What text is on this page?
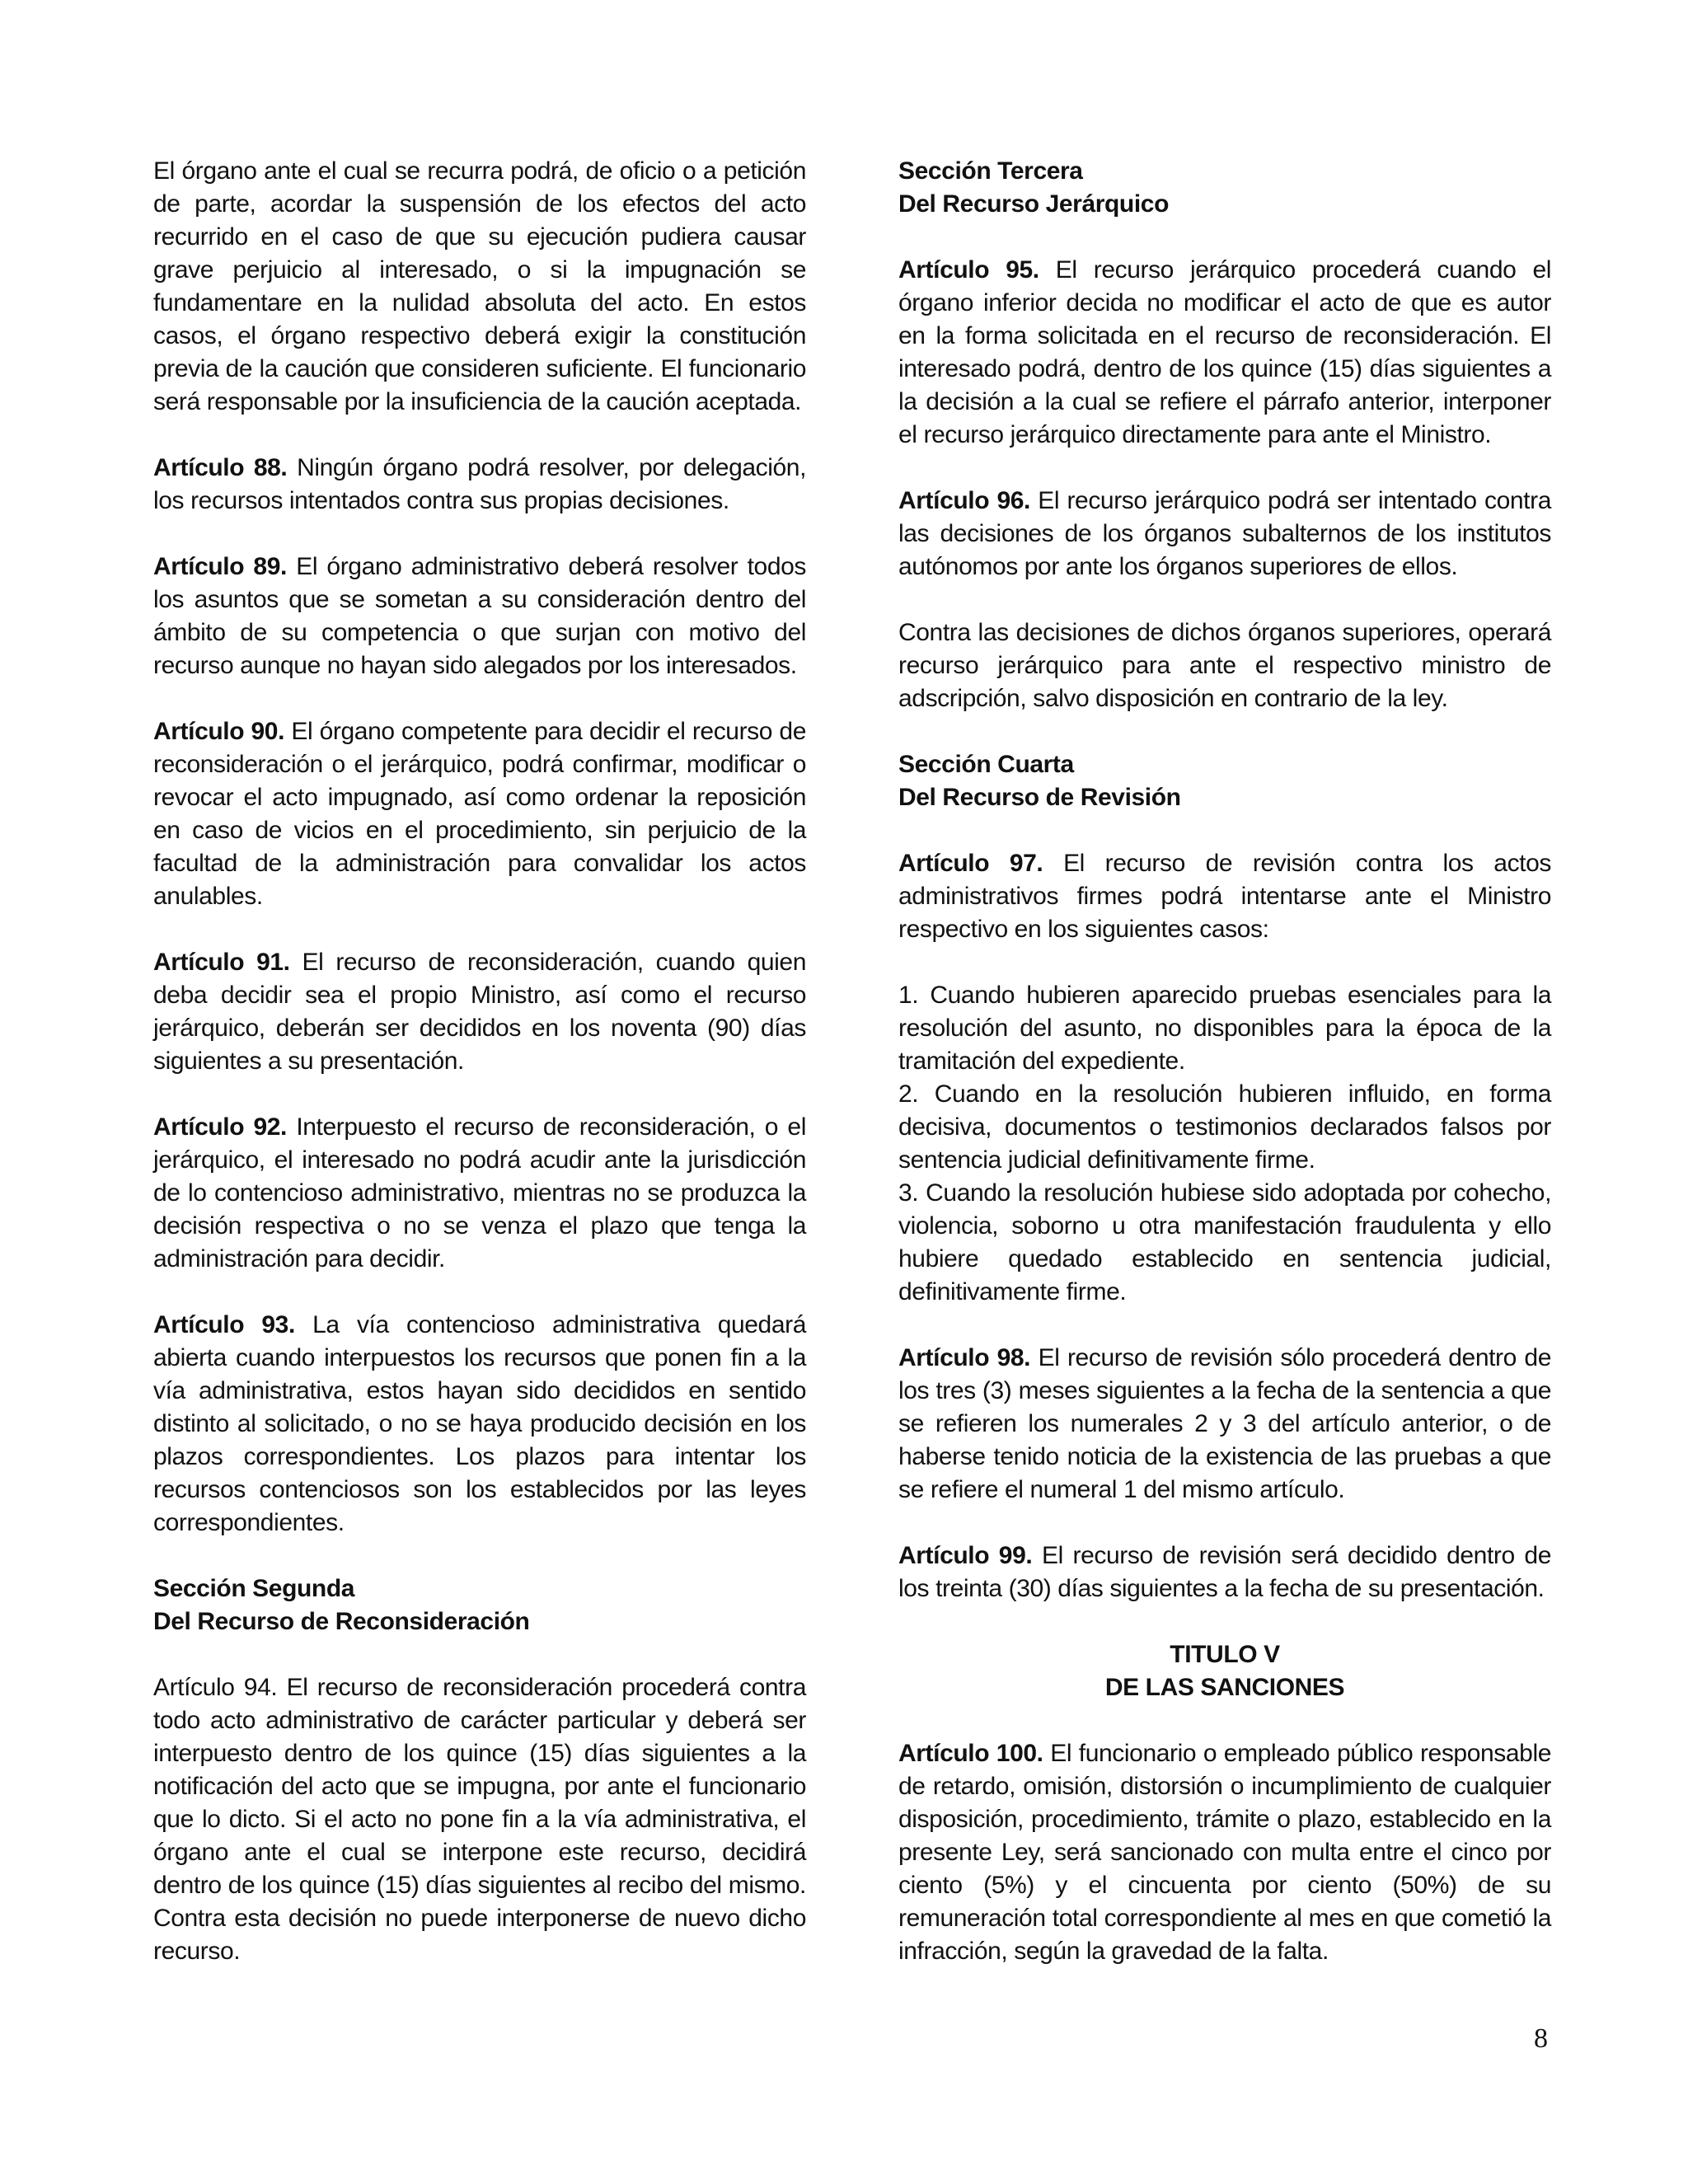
El órgano ante el cual se recurra podrá, de oficio o a petición de parte, acordar la suspensión de los efectos del acto recurrido en el caso de que su ejecución pudiera causar grave perjuicio al interesado, o si la impugnación se fundamentare en la nulidad absoluta del acto. En estos casos, el órgano respectivo deberá exigir la constitución previa de la caución que consideren suficiente. El funcionario será responsable por la insuficiencia de la caución aceptada.

Artículo 88. Ningún órgano podrá resolver, por delegación, los recursos intentados contra sus propias decisiones.

Artículo 89. El órgano administrativo deberá resolver todos los asuntos que se sometan a su consideración dentro del ámbito de su competencia o que surjan con motivo del recurso aunque no hayan sido alegados por los interesados.

Artículo 90. El órgano competente para decidir el recurso de reconsideración o el jerárquico, podrá confirmar, modificar o revocar el acto impugnado, así como ordenar la reposición en caso de vicios en el procedimiento, sin perjuicio de la facultad de la administración para convalidar los actos anulables.

Artículo 91. El recurso de reconsideración, cuando quien deba decidir sea el propio Ministro, así como el recurso jerárquico, deberán ser decididos en los noventa (90) días siguientes a su presentación.

Artículo 92. Interpuesto el recurso de reconsideración, o el jerárquico, el interesado no podrá acudir ante la jurisdicción de lo contencioso administrativo, mientras no se produzca la decisión respectiva o no se venza el plazo que tenga la administración para decidir.

Artículo 93. La vía contencioso administrativa quedará abierta cuando interpuestos los recursos que ponen fin a la vía administrativa, estos hayan sido decididos en sentido distinto al solicitado, o no se haya producido decisión en los plazos correspondientes. Los plazos para intentar los recursos contenciosos son los establecidos por las leyes correspondientes.

Sección Segunda
Del Recurso de Reconsideración

Artículo 94. El recurso de reconsideración procederá contra todo acto administrativo de carácter particular y deberá ser interpuesto dentro de los quince (15) días siguientes a la notificación del acto que se impugna, por ante el funcionario que lo dicto. Si el acto no pone fin a la vía administrativa, el órgano ante el cual se interpone este recurso, decidirá dentro de los quince (15) días siguientes al recibo del mismo. Contra esta decisión no puede interponerse de nuevo dicho recurso.

Sección Tercera
Del Recurso Jerárquico

Artículo 95. El recurso jerárquico procederá cuando el órgano inferior decida no modificar el acto de que es autor en la forma solicitada en el recurso de reconsideración. El interesado podrá, dentro de los quince (15) días siguientes a la decisión a la cual se refiere el párrafo anterior, interponer el recurso jerárquico directamente para ante el Ministro.

Artículo 96. El recurso jerárquico podrá ser intentado contra las decisiones de los órganos subalternos de los institutos autónomos por ante los órganos superiores de ellos.

Contra las decisiones de dichos órganos superiores, operará recurso jerárquico para ante el respectivo ministro de adscripción, salvo disposición en contrario de la ley.

Sección Cuarta
Del Recurso de Revisión

Artículo 97. El recurso de revisión contra los actos administrativos firmes podrá intentarse ante el Ministro respectivo en los siguientes casos:

1. Cuando hubieren aparecido pruebas esenciales para la resolución del asunto, no disponibles para la época de la tramitación del expediente.

2. Cuando en la resolución hubieren influido, en forma decisiva, documentos o testimonios declarados falsos por sentencia judicial definitivamente firme.

3. Cuando la resolución hubiese sido adoptada por cohecho, violencia, soborno u otra manifestación fraudulenta y ello hubiere quedado establecido en sentencia judicial, definitivamente firme.

Artículo 98. El recurso de revisión sólo procederá dentro de los tres (3) meses siguientes a la fecha de la sentencia a que se refieren los numerales 2 y 3 del artículo anterior, o de haberse tenido noticia de la existencia de las pruebas a que se refiere el numeral 1 del mismo artículo.

Artículo 99. El recurso de revisión será decidido dentro de los treinta (30) días siguientes a la fecha de su presentación.

TITULO V
DE LAS SANCIONES

Artículo 100. El funcionario o empleado público responsable de retardo, omisión, distorsión o incumplimiento de cualquier disposición, procedimiento, trámite o plazo, establecido en la presente Ley, será sancionado con multa entre el cinco por ciento (5%) y el cincuenta por ciento (50%) de su remuneración total correspondiente al mes en que cometió la infracción, según la gravedad de la falta.

8
